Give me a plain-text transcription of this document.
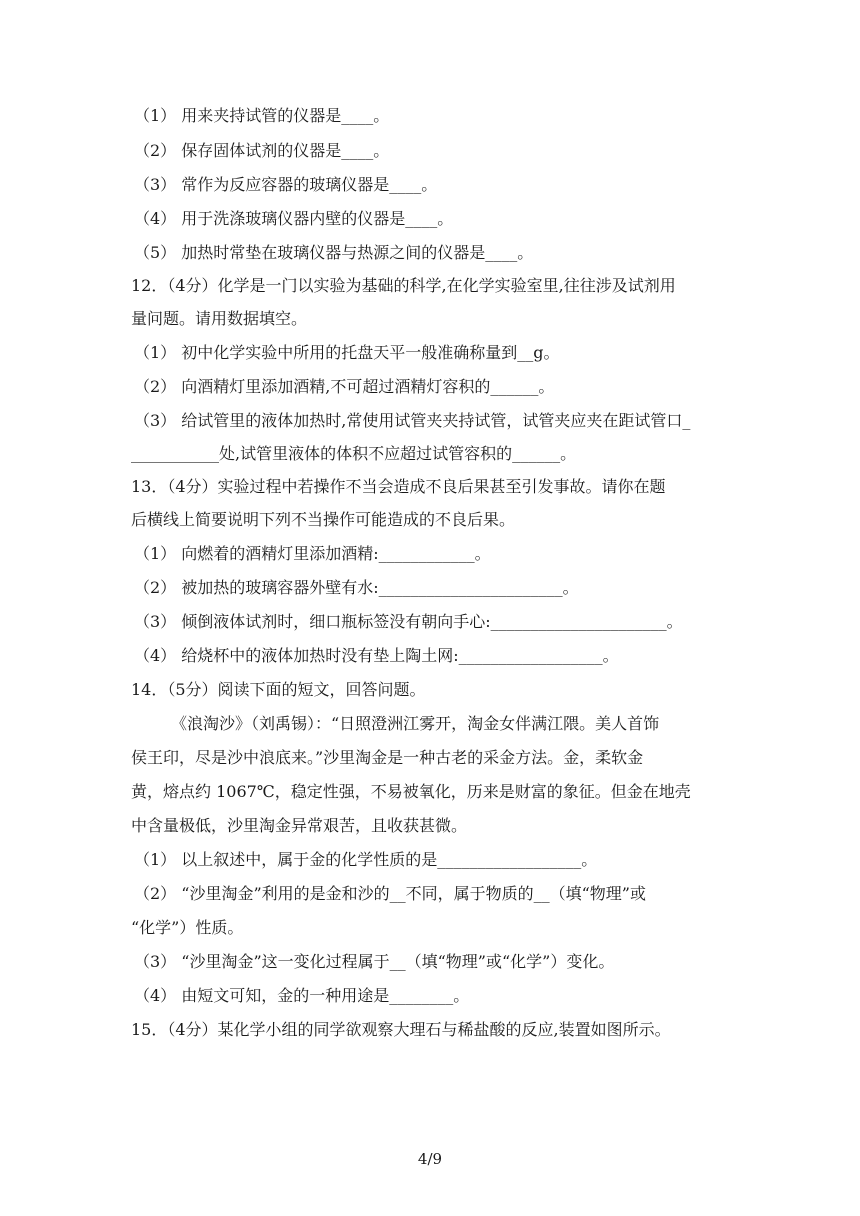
（1） 用来夹持试管的仪器是____。
（2） 保存固体试剂的仪器是____。
（3） 常作为反应容器的玻璃仪器是____。
（4） 用于洗涤玻璃仪器内壁的仪器是____。
（5） 加热时常垫在玻璃仪器与热源之间的仪器是____。
12．（4分）化学是一门以实验为基础的科学,在化学实验室里,往往涉及试剂用
量问题。请用数据填空。
（1） 初中化学实验中所用的托盘天平一般准确称量到__g。
（2） 向酒精灯里添加酒精,不可超过酒精灯容积的______。
（3） 给试管里的液体加热时,常使用试管夹夹持试管，试管夹应夹在距试管口_
___________处,试管里液体的体积不应超过试管容积的______。
13．（4分）实验过程中若操作不当会造成不良后果甚至引发事故。请你在题
后横线上简要说明下列不当操作可能造成的不良后果。
（1） 向燃着的酒精灯里添加酒精:____________。
（2） 被加热的玻璃容器外壁有水:_______________________。
（3） 倾倒液体试剂时，细口瓶标签没有朝向手心:______________________。
（4） 给烧杯中的液体加热时没有垫上陶土网:__________________。
14．（5分）阅读下面的短文，回答问题。
《浪淘沙》（刘禹锡）：“日照澄洲江雾开，淘金女伴满江隈。美人首饰
侯王印，尽是沙中浪底来。”沙里淘金是一种古老的采金方法。金，柔软金
黄，熔点约 1067℃，稳定性强，不易被氧化，历来是财富的象征。但金在地壳
中含量极低，沙里淘金异常艰苦，且收获甚微。
（1） 以上叙述中，属于金的化学性质的是__________________。
（2） “沙里淘金”利用的是金和沙的__不同，属于物质的__（填“物理”或
“化学”）性质。
（3） “沙里淘金”这一变化过程属于__（填“物理”或“化学”）变化。
（4） 由短文可知，金的一种用途是________。
15．（4分）某化学小组的同学欲观察大理石与稀盐酸的反应,装置如图所示。
4/9
